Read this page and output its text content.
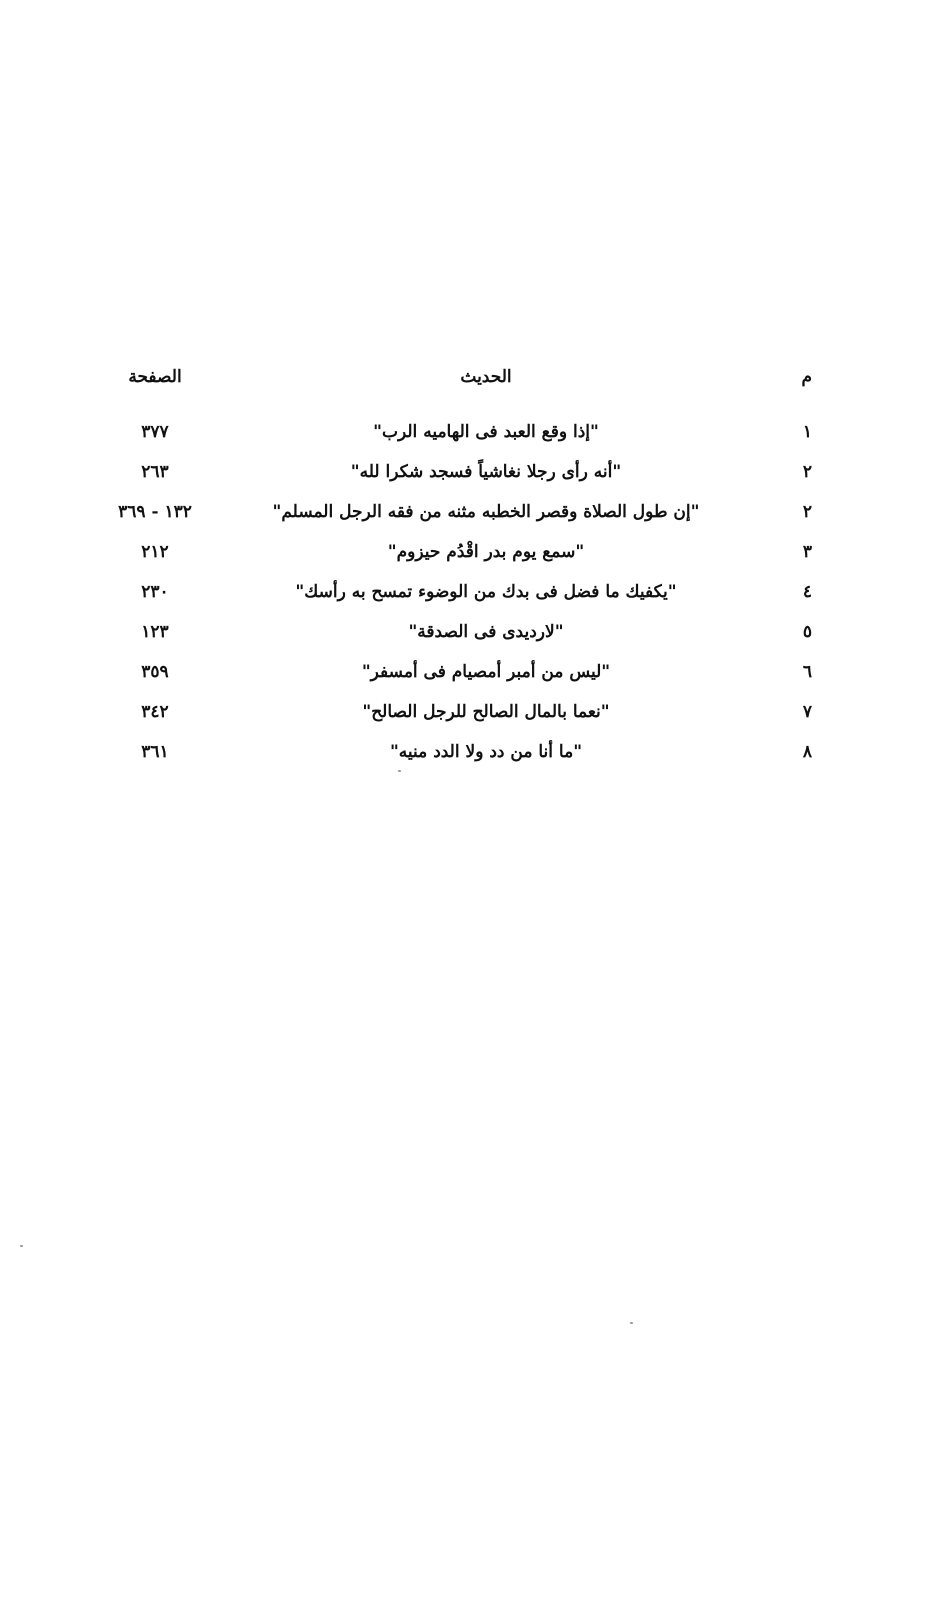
م
الحديث
الصفحة
١
"إذا وقع العبد فى الهاميه الرب"
٣٧٧
٢
"أنه رأى رجلا نغاشياً فسجد شكرا لله"
٢٦٣
٢
"إن طول الصلاة وقصر الخطبه مثنه من فقه الرجل المسلم"
١٣٢ - ٣٦٩
٣
"سمع يوم بدر اقْدُم حيزوم"
٢١٢
٤
"يكفيك ما فضل فى بدك من الوضوء تمسح به رأسك"
٢٣٠
٥
"لارديدى فى الصدقة"
١٢٣
٦
"ليس من أمبر أمصيام فى أمسفر"
٣٥٩
٧
"نعما بالمال الصالح للرجل الصالح"
٣٤٢
٨
"ما أنا من دد ولا الدد منيه"
٣٦١
